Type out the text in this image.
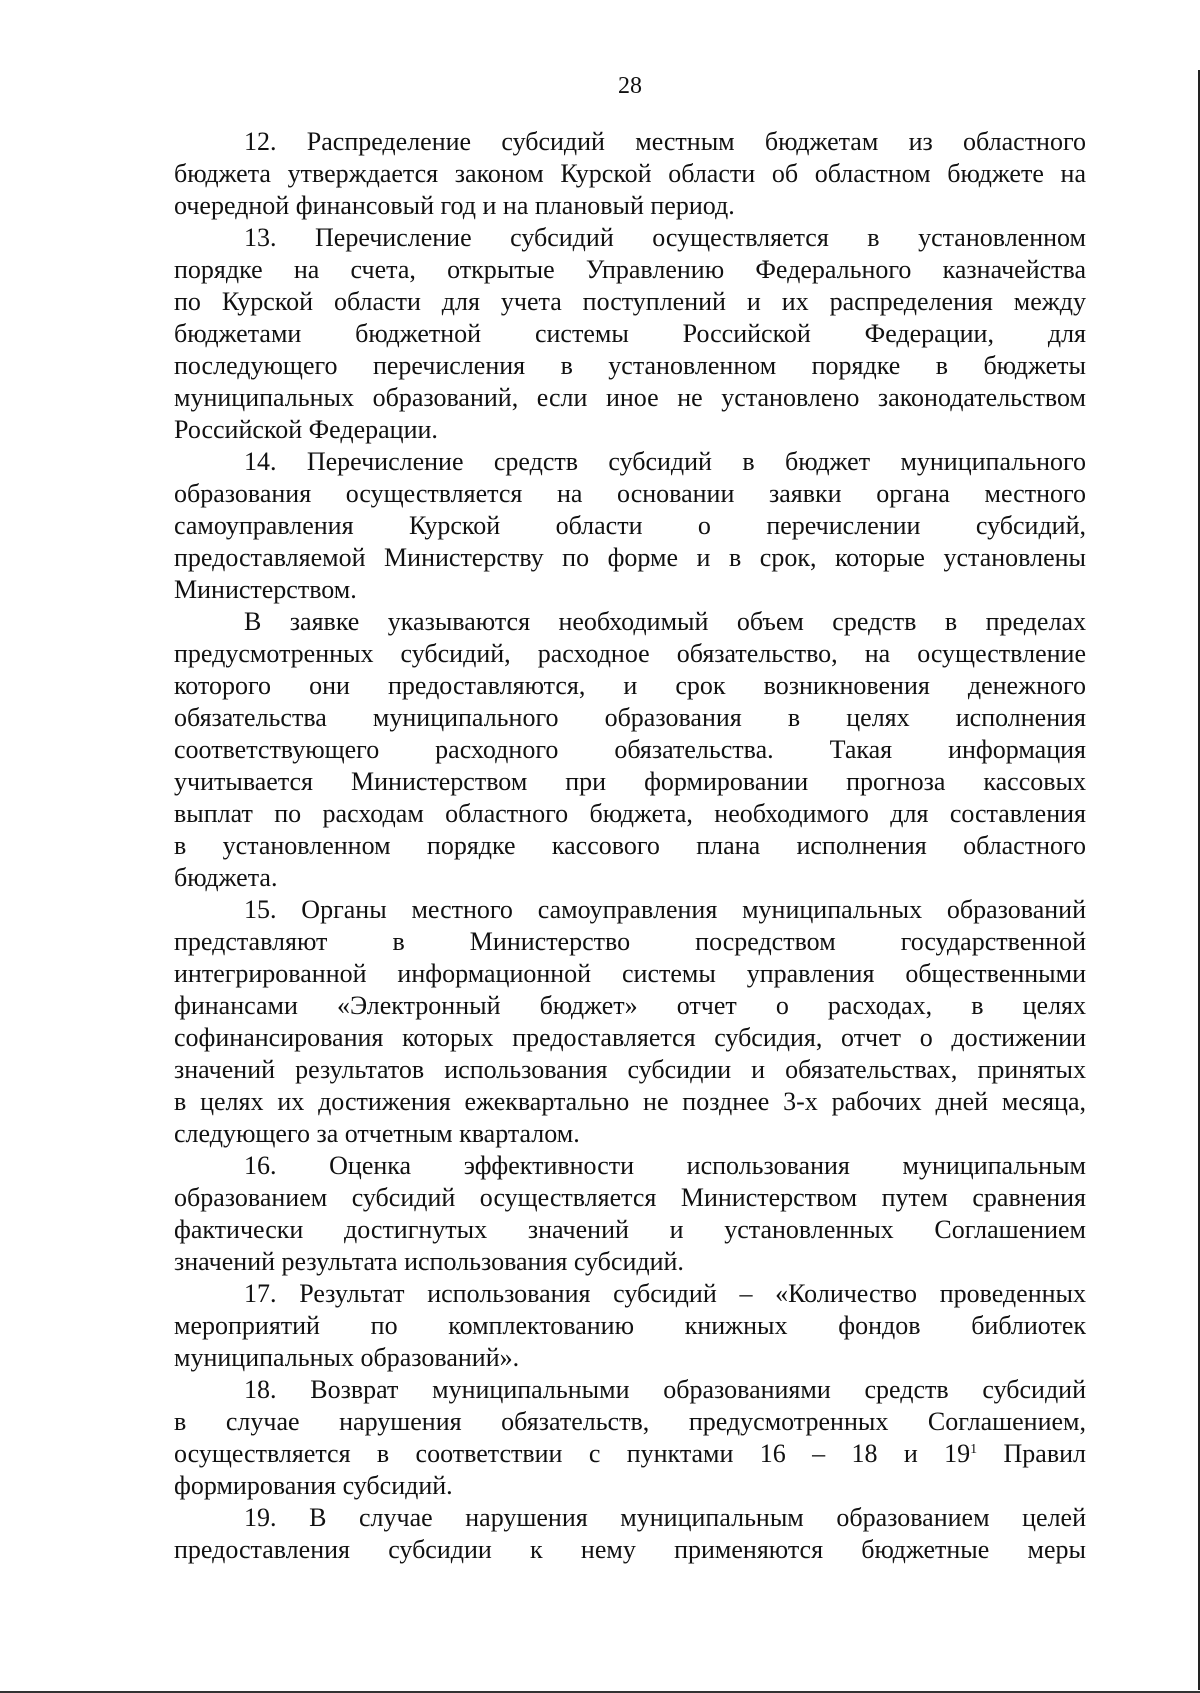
28
12. Распределение субсидий местным бюджетам из областного
бюджета утверждается законом Курской области об областном бюджете на
очередной финансовый год и на плановый период.
13. Перечисление субсидий осуществляется в установленном
порядке на счета, открытые Управлению Федерального казначейства
по Курской области для учета поступлений и их распределения между
бюджетами бюджетной системы Российской Федерации, для
последующего перечисления в установленном порядке в бюджеты
муниципальных образований, если иное не установлено законодательством
Российской Федерации.
14. Перечисление средств субсидий в бюджет муниципального
образования осуществляется на основании заявки органа местного
самоуправления Курской области о перечислении субсидий,
предоставляемой Министерству по форме и в срок, которые установлены
Министерством.
В заявке указываются необходимый объем средств в пределах
предусмотренных субсидий, расходное обязательство, на осуществление
которого они предоставляются, и срок возникновения денежного
обязательства муниципального образования в целях исполнения
соответствующего расходного обязательства. Такая информация
учитывается Министерством при формировании прогноза кассовых
выплат по расходам областного бюджета, необходимого для составления
в установленном порядке кассового плана исполнения областного
бюджета.
15. Органы местного самоуправления муниципальных образований
представляют в Министерство посредством государственной
интегрированной информационной системы управления общественными
финансами «Электронный бюджет» отчет о расходах, в целях
софинансирования которых предоставляется субсидия, отчет о достижении
значений результатов использования субсидии и обязательствах, принятых
в целях их достижения ежеквартально не позднее 3-х рабочих дней месяца,
следующего за отчетным кварталом.
16. Оценка эффективности использования муниципальным
образованием субсидий осуществляется Министерством путем сравнения
фактически достигнутых значений и установленных Соглашением
значений результата использования субсидий.
17. Результат использования субсидий – «Количество проведенных
мероприятий по комплектованию книжных фондов библиотек
муниципальных образований».
18. Возврат муниципальными образованиями средств субсидий
в случае нарушения обязательств, предусмотренных Соглашением,
осуществляется в соответствии с пунктами 16 – 18 и $19^1$ Правил
формирования субсидий.
19. В случае нарушения муниципальным образованием целей
предоставления субсидии к нему применяются бюджетные меры
